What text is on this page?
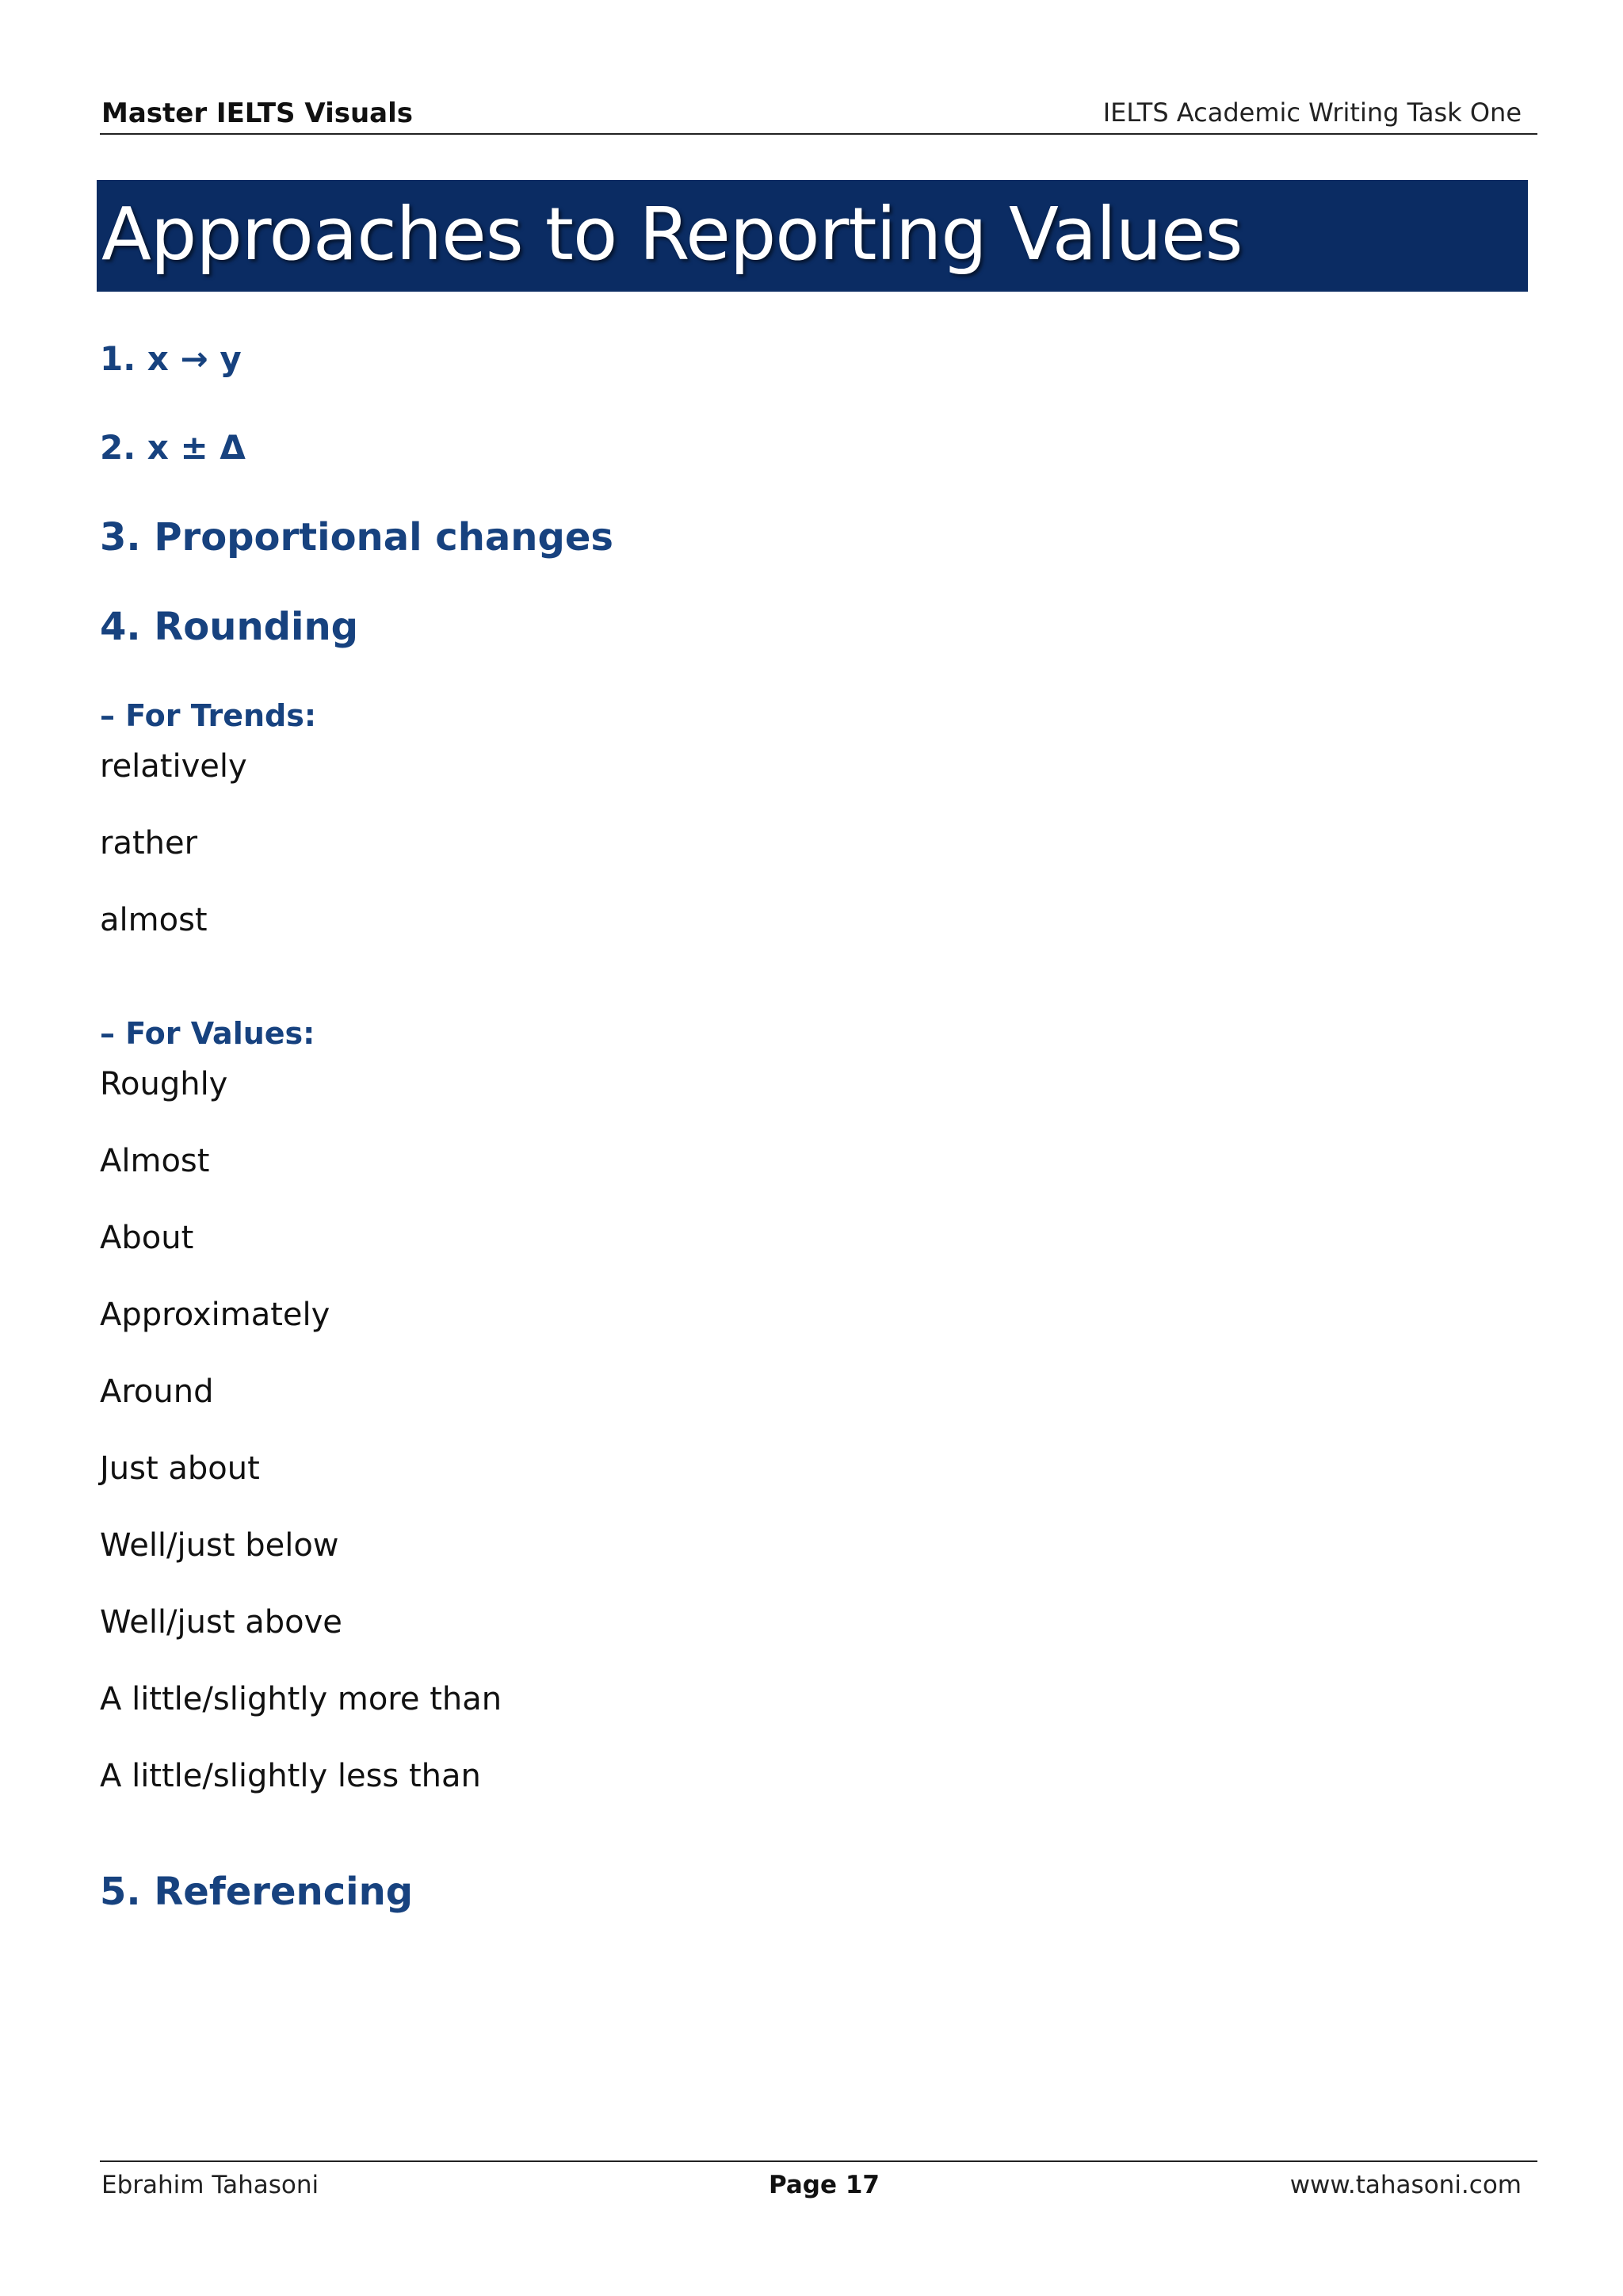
Master IELTS Visuals	IELTS Academic Writing Task One
Approaches to Reporting Values
1. x → y
2. x ± Δ
3. Proportional changes
4. Rounding
– For Trends:
relatively
rather
almost
– For Values:
Roughly
Almost
About
Approximately
Around
Just about
Well/just below
Well/just above
A little/slightly more than
A little/slightly less than
5. Referencing
Ebrahim Tahasoni	Page 17	www.tahasoni.com
